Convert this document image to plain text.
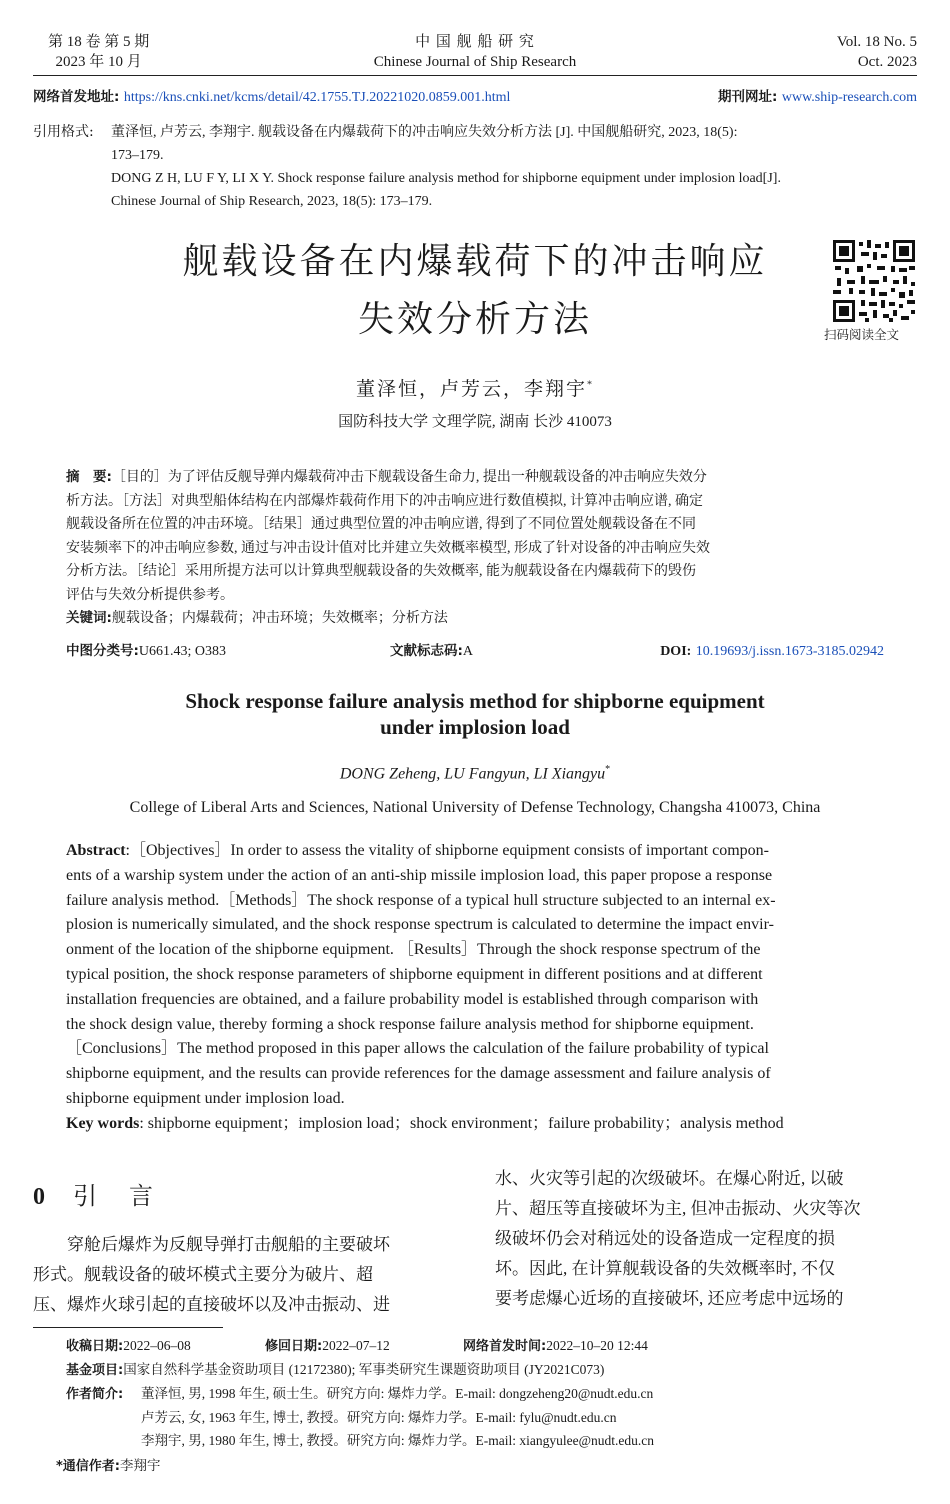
第 18 卷 第 5 期
2023 年 10 月
中 国 舰 船 研 究
Chinese Journal of Ship Research
Vol. 18 No. 5
Oct. 2023
网络首发地址: https://kns.cnki.net/kcms/detail/42.1755.TJ.20221020.0859.001.html	期刊网址: www.ship-research.com
引用格式: 董泽恒, 卢芳云, 李翔宇. 舰载设备在内爆载荷下的冲击响应失效分析方法 [J]. 中国舰船研究, 2023, 18(5):
173–179.
DONG Z H, LU F Y, LI X Y. Shock response failure analysis method for shipborne equipment under implosion load[J].
Chinese Journal of Ship Research, 2023, 18(5): 173–179.
舰载设备在内爆载荷下的冲击响应
失效分析方法	扫码阅读全文
董泽恒，卢芳云，李翔宇*
国防科技大学 文理学院, 湖南 长沙 410073
摘　要:［目的］为了评估反舰导弹内爆载荷冲击下舰载设备生命力, 提出一种舰载设备的冲击响应失效分
析方法。［方法］对典型船体结构在内部爆炸载荷作用下的冲击响应进行数值模拟, 计算冲击响应谱, 确定
舰载设备所在位置的冲击环境。［结果］通过典型位置的冲击响应谱, 得到了不同位置处舰载设备在不同
安装频率下的冲击响应参数, 通过与冲击设计值对比并建立失效概率模型, 形成了针对设备的冲击响应失效
分析方法。［结论］采用所提方法可以计算典型舰载设备的失效概率, 能为舰载设备在内爆载荷下的毁伤
评估与失效分析提供参考。
关键词:舰载设备；内爆载荷；冲击环境；失效概率；分析方法
中图分类号:U661.43; O383	文献标志码:A	DOI: 10.19693/j.issn.1673-3185.02942
Shock response failure analysis method for shipborne equipment
under implosion load
DONG Zeheng, LU Fangyun, LI Xiangyu*
College of Liberal Arts and Sciences, National University of Defense Technology, Changsha 410073, China
Abstract:［Objectives］In order to assess the vitality of shipborne equipment consists of important compon-
ents of a warship system under the action of an anti-ship missile implosion load, this paper propose a response
failure analysis method.［Methods］The shock response of a typical hull structure subjected to an internal ex-
plosion is numerically simulated, and the shock response spectrum is calculated to determine the impact envir-
onment of the location of the shipborne equipment. ［Results］Through the shock response spectrum of the
typical position, the shock response parameters of shipborne equipment in different positions and at different
installation frequencies are obtained, and a failure probability model is established through comparison with
the shock design value, thereby forming a shock response failure analysis method for shipborne equipment.
［Conclusions］The method proposed in this paper allows the calculation of the failure probability of typical
shipborne equipment, and the results can provide references for the damage assessment and failure analysis of
shipborne equipment under implosion load.
Key words: shipborne equipment；implosion load；shock environment；failure probability；analysis method
0 引　言
　　穿舱后爆炸为反舰导弹打击舰船的主要破坏
形式。舰载设备的破坏模式主要分为破片、超
压、爆炸火球引起的直接破坏以及冲击振动、进
水、火灾等引起的次级破坏。在爆心附近, 以破
片、超压等直接破坏为主, 但冲击振动、火灾等次
级破坏仍会对稍远处的设备造成一定程度的损
坏。因此, 在计算舰载设备的失效概率时, 不仅
要考虑爆心近场的直接破坏, 还应考虑中远场的
收稿日期:2022–06–08	修回日期:2022–07–12	网络首发时间:2022–10–20 12:44
基金项目:国家自然科学基金资助项目 (12172380); 军事类研究生课题资助项目 (JY2021C073)
作者简介: 董泽恒, 男, 1998 年生, 硕士生。研究方向: 爆炸力学。E-mail: dongzeheng20@nudt.edu.cn
卢芳云, 女, 1963 年生, 博士, 教授。研究方向: 爆炸力学。E-mail: fylu@nudt.edu.cn
李翔宇, 男, 1980 年生, 博士, 教授。研究方向: 爆炸力学。E-mail: xiangyulee@nudt.edu.cn
*通信作者:李翔宇
